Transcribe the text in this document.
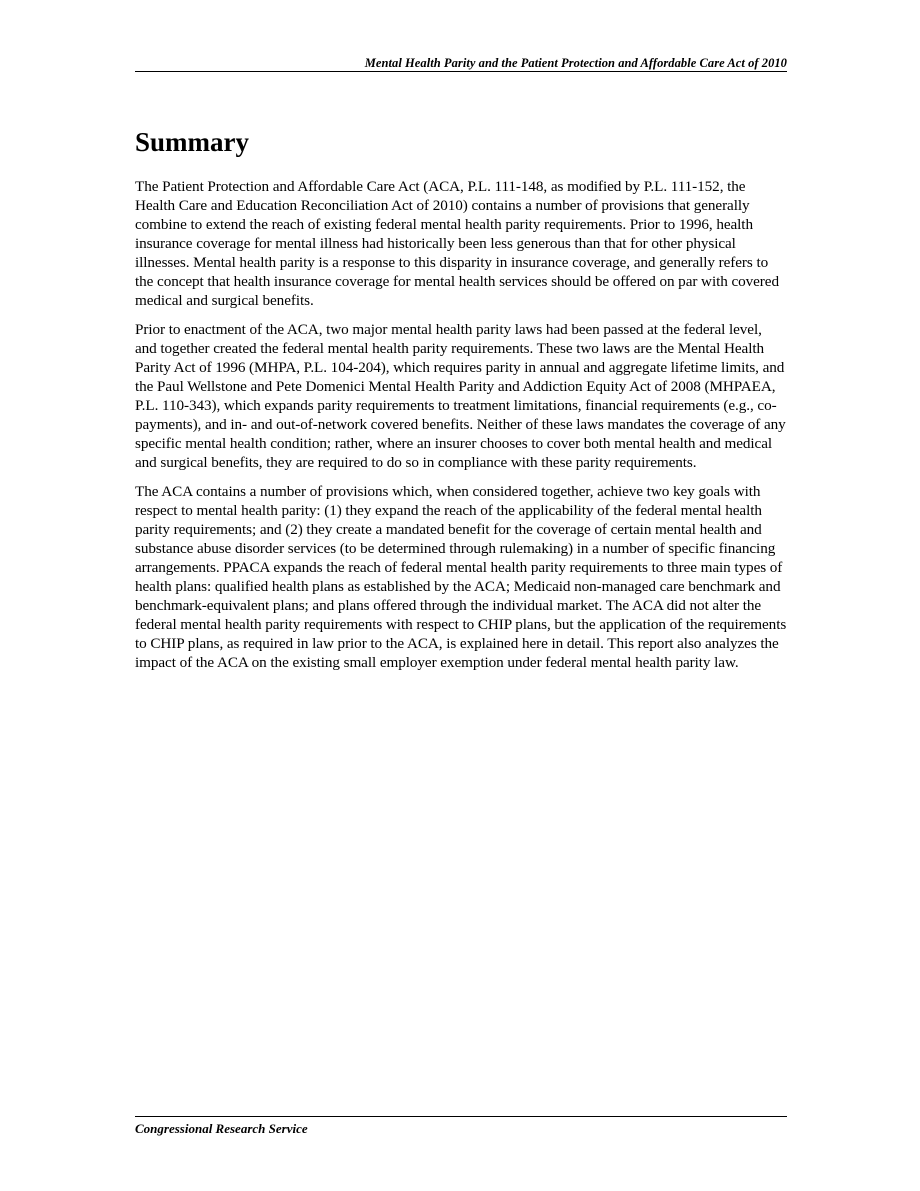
Mental Health Parity and the Patient Protection and Affordable Care Act of 2010
Summary

The Patient Protection and Affordable Care Act (ACA, P.L. 111-148, as modified by P.L. 111-152, the Health Care and Education Reconciliation Act of 2010) contains a number of provisions that generally combine to extend the reach of existing federal mental health parity requirements. Prior to 1996, health insurance coverage for mental illness had historically been less generous than that for other physical illnesses. Mental health parity is a response to this disparity in insurance coverage, and generally refers to the concept that health insurance coverage for mental health services should be offered on par with covered medical and surgical benefits.

Prior to enactment of the ACA, two major mental health parity laws had been passed at the federal level, and together created the federal mental health parity requirements. These two laws are the Mental Health Parity Act of 1996 (MHPA, P.L. 104-204), which requires parity in annual and aggregate lifetime limits, and the Paul Wellstone and Pete Domenici Mental Health Parity and Addiction Equity Act of 2008 (MHPAEA, P.L. 110-343), which expands parity requirements to treatment limitations, financial requirements (e.g., co-payments), and in- and out-of-network covered benefits. Neither of these laws mandates the coverage of any specific mental health condition; rather, where an insurer chooses to cover both mental health and medical and surgical benefits, they are required to do so in compliance with these parity requirements.

The ACA contains a number of provisions which, when considered together, achieve two key goals with respect to mental health parity: (1) they expand the reach of the applicability of the federal mental health parity requirements; and (2) they create a mandated benefit for the coverage of certain mental health and substance abuse disorder services (to be determined through rulemaking) in a number of specific financing arrangements. PPACA expands the reach of federal mental health parity requirements to three main types of health plans: qualified health plans as established by the ACA; Medicaid non-managed care benchmark and benchmark-equivalent plans; and plans offered through the individual market. The ACA did not alter the federal mental health parity requirements with respect to CHIP plans, but the application of the requirements to CHIP plans, as required in law prior to the ACA, is explained here in detail. This report also analyzes the impact of the ACA on the existing small employer exemption under federal mental health parity law.

Congressional Research Service
